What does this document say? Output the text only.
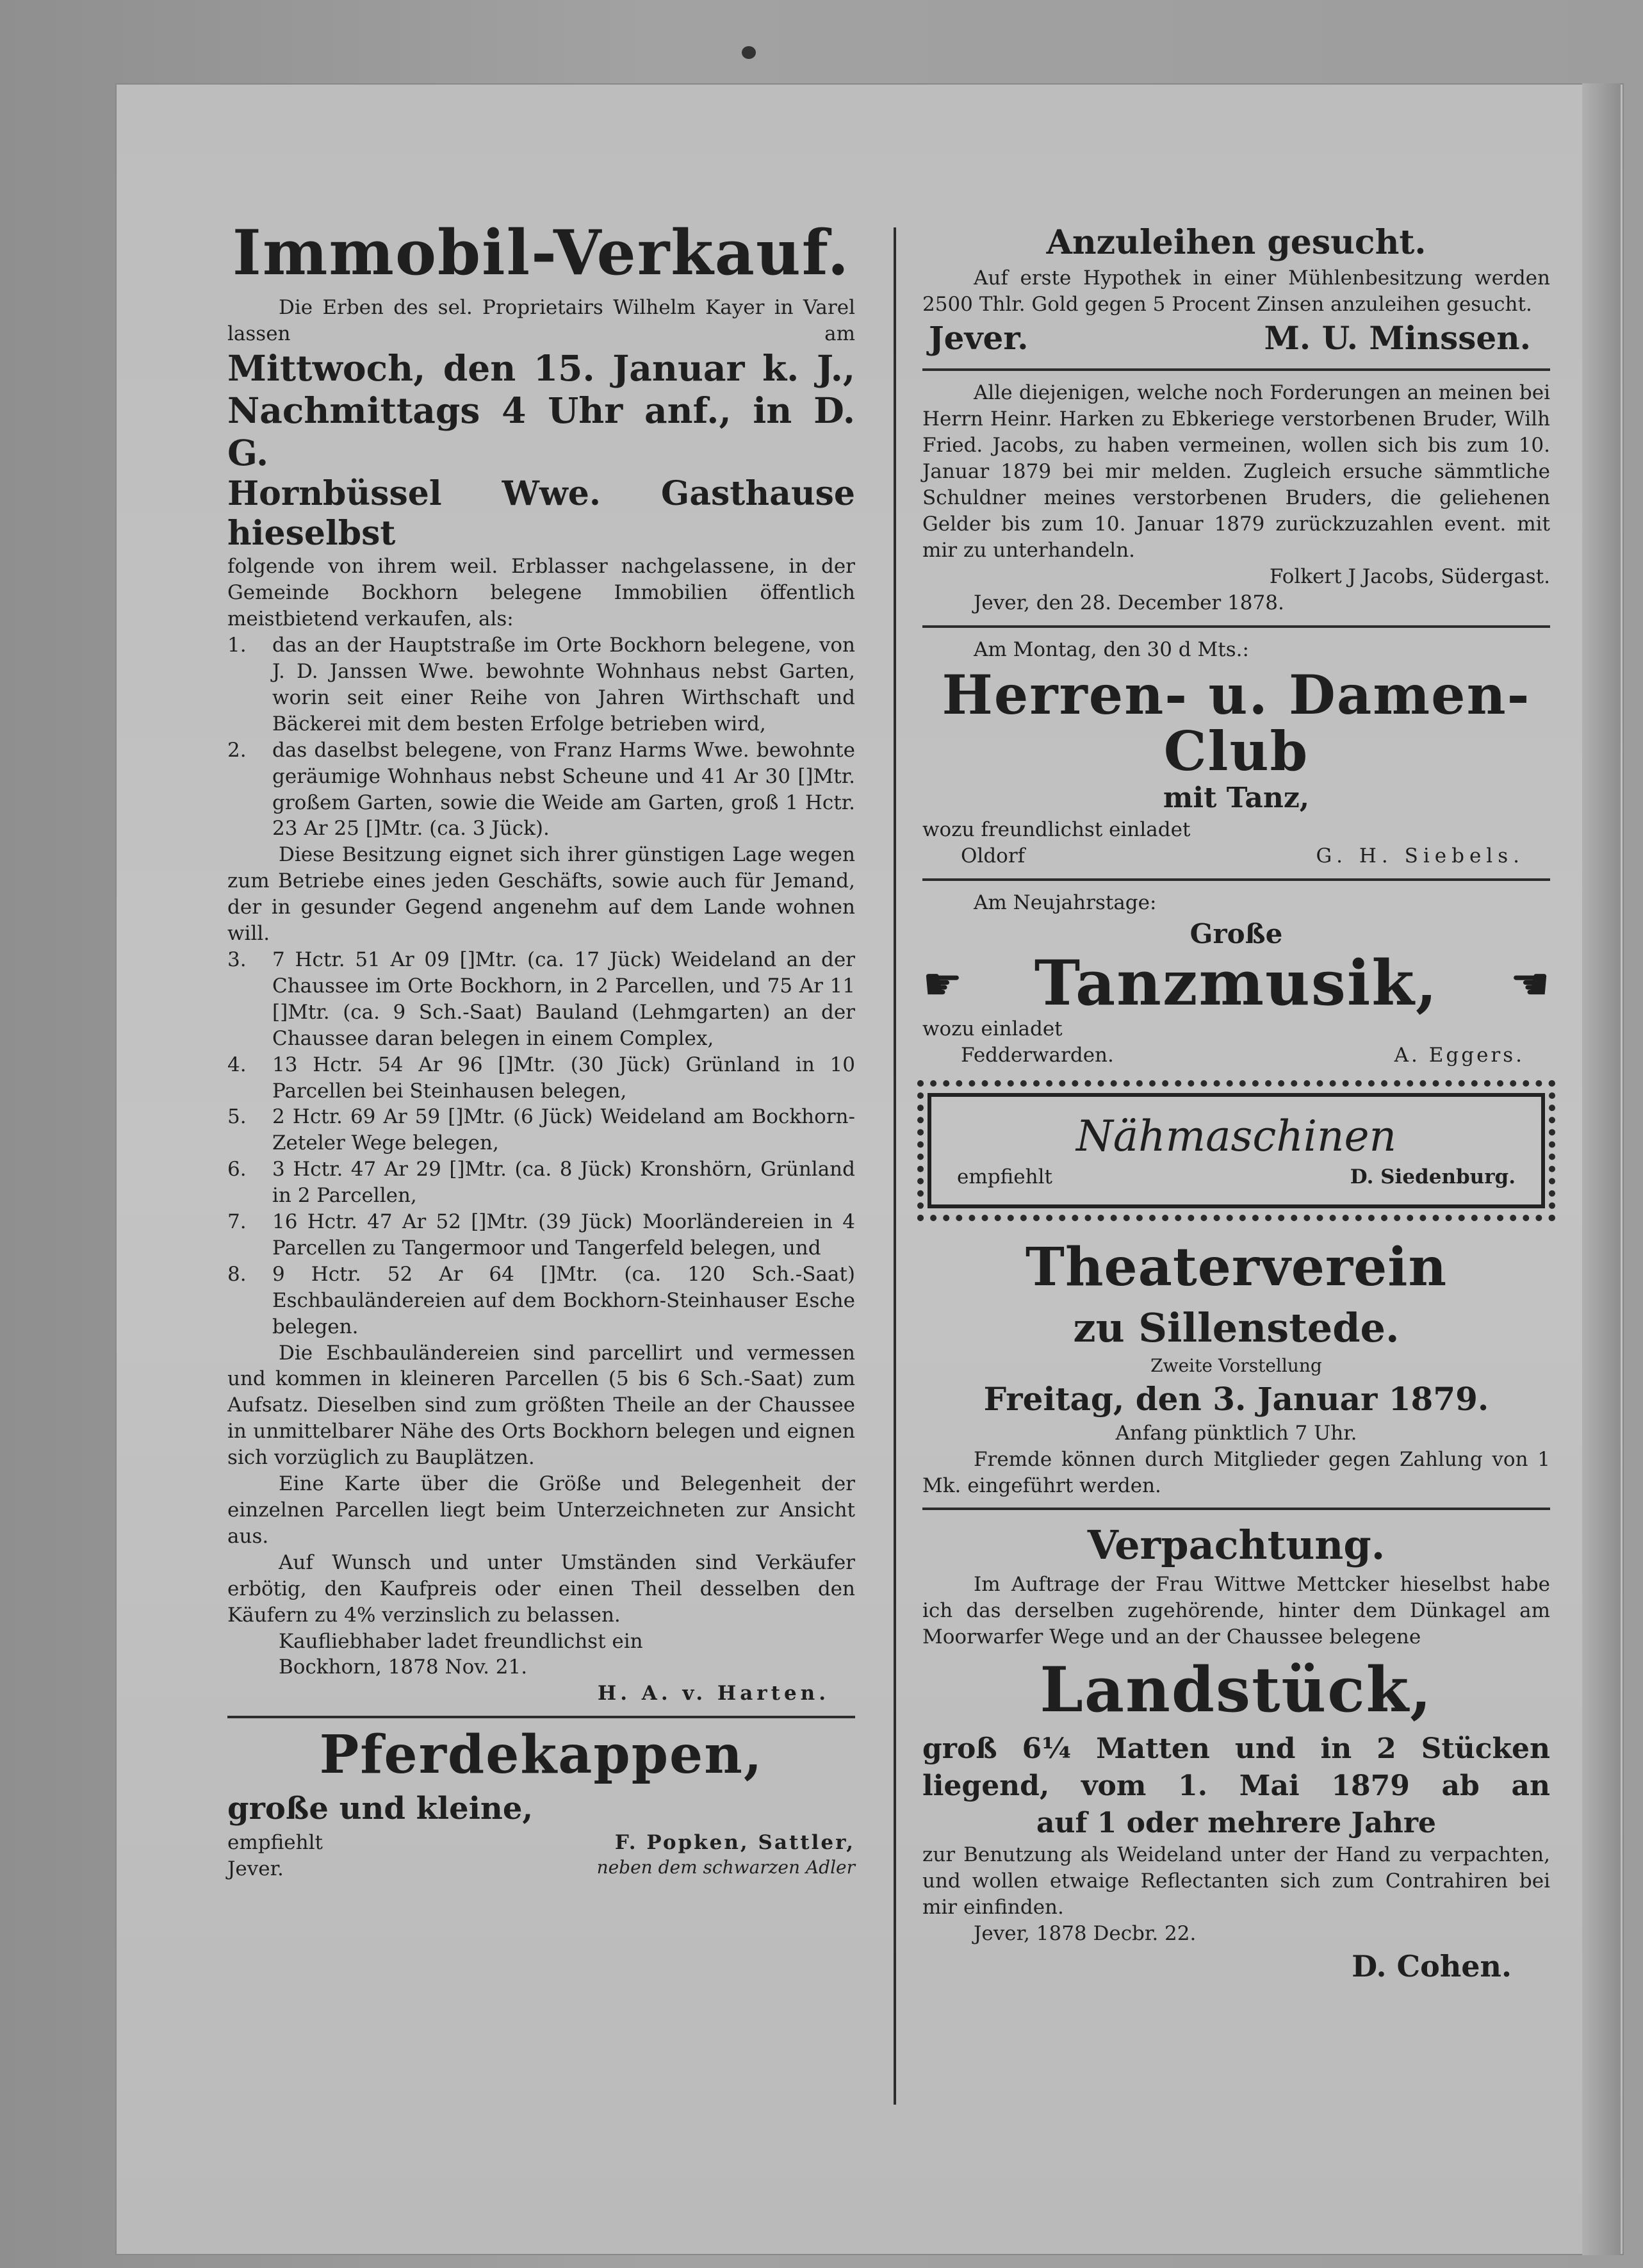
Immobil-Verkauf.

Die Erben des sel. Proprietairs Wilhelm Kayer in Varel lassen am

Mittwoch, den 15. Januar k. J.,

Nachmittags 4 Uhr anf., in D. G.

Hornbüssel Wwe. Gasthause hieselbst

folgende von ihrem weil. Erblasser nachgelassene, in der Gemeinde Bockhorn belegene Immobilien öffentlich meistbietend verkaufen, als:

1.	das an der Hauptstraße im Orte Bockhorn belegene, von J. D. Janssen Wwe. bewohnte Wohnhaus nebst Garten, worin seit einer Reihe von Jahren Wirthschaft und Bäckerei mit dem besten Erfolge betrieben wird,
2.	das daselbst belegene, von Franz Harms Wwe. bewohnte geräumige Wohnhaus nebst Scheune und 41 Ar 30 []Mtr. großem Garten, sowie die Weide am Garten, groß 1 Hctr. 23 Ar 25 []Mtr. (ca. 3 Jück).

Diese Besitzung eignet sich ihrer günstigen Lage wegen zum Betriebe eines jeden Geschäfts, sowie auch für Jemand, der in gesunder Gegend angenehm auf dem Lande wohnen will.

3.	7 Hctr. 51 Ar 09 []Mtr. (ca. 17 Jück) Weideland an der Chaussee im Orte Bockhorn, in 2 Parcellen, und 75 Ar 11 []Mtr. (ca. 9 Sch.-Saat) Bauland (Lehmgarten) an der Chaussee daran belegen in einem Complex,
4.	13 Hctr. 54 Ar 96 []Mtr. (30 Jück) Grünland in 10 Parcellen bei Steinhausen belegen,
5.	2 Hctr. 69 Ar 59 []Mtr. (6 Jück) Weideland am Bockhorn-Zeteler Wege belegen,
6.	3 Hctr. 47 Ar 29 []Mtr. (ca. 8 Jück) Kronshörn, Grünland in 2 Parcellen,
7.	16 Hctr. 47 Ar 52 []Mtr. (39 Jück) Moorländereien in 4 Parcellen zu Tangermoor und Tangerfeld belegen, und
8.	9 Hctr. 52 Ar 64 []Mtr. (ca. 120 Sch.-Saat) Eschbauländereien auf dem Bockhorn-Steinhauser Esche belegen.

Die Eschbauländereien sind parcellirt und vermessen und kommen in kleineren Parcellen (5 bis 6 Sch.-Saat) zum Aufsatz. Dieselben sind zum größten Theile an der Chaussee in unmittelbarer Nähe des Orts Bockhorn belegen und eignen sich vorzüglich zu Bauplätzen.

Eine Karte über die Größe und Belegenheit der einzelnen Parcellen liegt beim Unterzeichneten zur Ansicht aus.

Auf Wunsch und unter Umständen sind Verkäufer erbötig, den Kaufpreis oder einen Theil desselben den Käufern zu 4% verzinslich zu belassen.

Kaufliebhaber ladet freundlichst ein

Bockhorn, 1878 Nov. 21.

H. A. v. Harten.

Pferdekappen,

große und kleine,

empfiehlt	F. Popken, Sattler,
Jever.	neben dem schwarzen Adler

Anzuleihen gesucht.

Auf erste Hypothek in einer Mühlenbesitzung werden 2500 Thlr. Gold gegen 5 Procent Zinsen anzuleihen gesucht.

Jever.	M. U. Minssen.

Alle diejenigen, welche noch Forderungen an meinen bei Herrn Heinr. Harken zu Ebkeriege verstorbenen Bruder, Wilh Fried. Jacobs, zu haben vermeinen, wollen sich bis zum 10. Januar 1879 bei mir melden. Zugleich ersuche sämmtliche Schuldner meines verstorbenen Bruders, die geliehenen Gelder bis zum 10. Januar 1879 zurückzuzahlen event. mit mir zu unterhandeln.

Folkert J Jacobs, Südergast.

Jever, den 28. December 1878.

Am Montag, den 30 d Mts.:

Herren- u. Damen-Club

mit Tanz,

wozu freundlichst einladet

Oldorf	G. H. Siebels.

Am Neujahrstage:

Große

☛ Tanzmusik, ☚

wozu einladet

Fedderwarden.	A. Eggers.

Nähmaschinen

empfiehlt	D. Siedenburg.

Theaterverein

zu Sillenstede.

Zweite Vorstellung

Freitag, den 3. Januar 1879.

Anfang pünktlich 7 Uhr.

Fremde können durch Mitglieder gegen Zahlung von 1 Mk. eingeführt werden.

Verpachtung.

Im Auftrage der Frau Wittwe Mettcker hieselbst habe ich das derselben zugehörende, hinter dem Dünkagel am Moorwarfer Wege und an der Chaussee belegene

Landstück,

groß 6¼ Matten und in 2 Stücken

liegend, vom 1. Mai 1879 ab an

auf 1 oder mehrere Jahre

zur Benutzung als Weideland unter der Hand zu verpachten, und wollen etwaige Reflectanten sich zum Contrahiren bei mir einfinden.

Jever, 1878 Decbr. 22.

D. Cohen.
